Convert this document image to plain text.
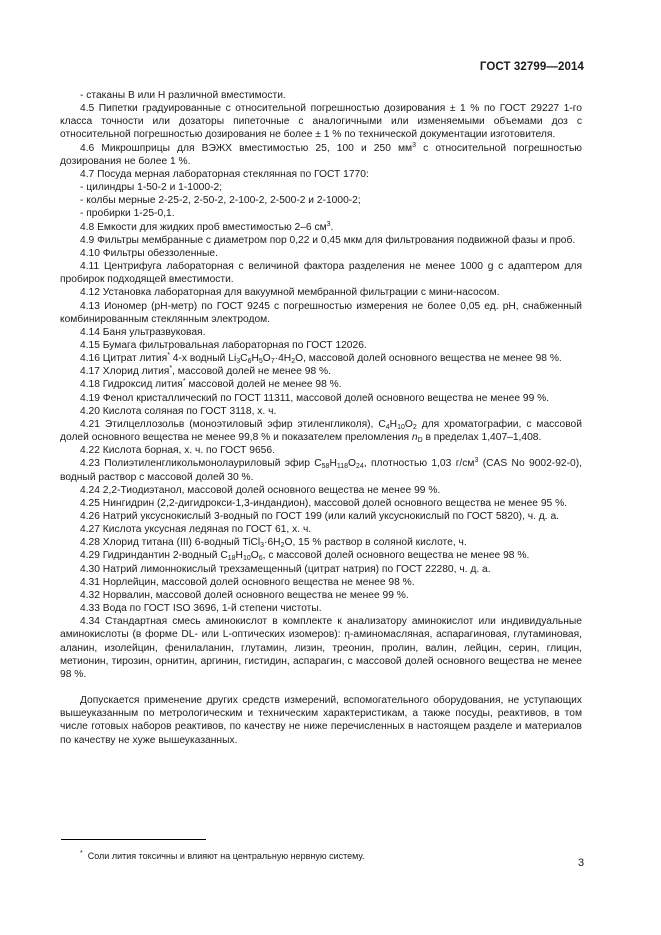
ГОСТ 32799—2014

- стаканы В или Н различной вместимости.

4.5 Пипетки градуированные с относительной погрешностью дозирования ± 1 % по ГОСТ 29227 1-го класса точности или дозаторы пипеточные с аналогичными или изменяемыми объемами доз с относительной погрешностью дозирования не более ± 1 % по технической документации изготовителя.

4.6 Микрошприцы для ВЭЖХ вместимостью 25, 100 и 250 $мм^3$ с относительной погрешностью дозирования не более 1 %.

4.7 Посуда мерная лабораторная стеклянная по ГОСТ 1770:

- цилиндры 1-50-2 и 1-1000-2;

- колбы мерные 2-25-2, 2-50-2, 2-100-2, 2-500-2 и 2-1000-2;

- пробирки 1-25-0,1.

4.8 Емкости для жидких проб вместимостью 2–6 $см^3$.

4.9 Фильтры мембранные с диаметром пор 0,22 и 0,45 мкм для фильтрования подвижной фазы и проб.

4.10 Фильтры обеззоленные.

4.11 Центрифуга лабораторная с величиной фактора разделения не менее 1000 g с адаптером для пробирок подходящей вместимости.

4.12 Установка лабораторная для вакуумной мембранной фильтрации с мини-насосом.

4.13 Иономер (pH-метр) по ГОСТ 9245 с погрешностью измерения не более 0,05 ед. pH, снабженный комбинированным стеклянным электродом.

4.14 Баня ультразвуковая.

4.15 Бумага фильтровальная лабораторная по ГОСТ 12026.

4.16 Цитрат лития* 4-х водный $Li_3C_6H_5O_7\cdot 4H_2O$, массовой долей основного вещества не менее 98 %.

4.17 Хлорид лития*, массовой долей не менее 98 %.

4.18 Гидроксид лития* массовой долей не менее 98 %.

4.19 Фенол кристаллический по ГОСТ 11311, массовой долей основного вещества не менее 99 %.

4.20 Кислота соляная по ГОСТ 3118, х. ч.

4.21 Этилцеллозольв (моноэтиловый эфир этиленгликоля), $C_4H_{10}O_2$ для хроматографии, с массовой долей основного вещества не менее 99,8 % и показателем преломления $n_D$ в пределах 1,407–1,408.

4.22 Кислота борная, х. ч. по ГОСТ 9656.

4.23 Полиэтиленгликольмонолауриловый эфир $C_{58}H_{118}O_{24}$, плотностью 1,03 $г/см^3$ (CAS No 9002-92-0), водный раствор с массовой долей 30 %.

4.24 2,2-Тиодиэтанол, массовой долей основного вещества не менее 99 %.

4.25 Нингидрин (2,2-дигидрокси-1,3-индандион), массовой долей основного вещества не менее 95 %.

4.26 Натрий уксуснокислый 3-водный по ГОСТ 199 (или калий уксуснокислый по ГОСТ 5820), ч. д. а.

4.27 Кислота уксусная ледяная по ГОСТ 61, х. ч.

4.28 Хлорид титана (III) 6-водный $TiCl_3\cdot 6H_2O$, 15 % раствор в соляной кислоте, ч.

4.29 Гидриндантин 2-водный $C_{18}H_{10}O_6$, с массовой долей основного вещества не менее 98 %.

4.30 Натрий лимоннокислый трехзамещенный (цитрат натрия) по ГОСТ 22280, ч. д. а.

4.31 Норлейцин, массовой долей основного вещества не менее 98 %.

4.32 Норвалин, массовой долей основного вещества не менее 99 %.

4.33 Вода по ГОСТ ISO 3696, 1-й степени чистоты.

4.34 Стандартная смесь аминокислот в комплекте к анализатору аминокислот или индивидуальные аминокислоты (в форме DL- или L-оптических изомеров): η-аминомасляная, аспарагиновая, глутаминовая, аланин, изолейцин, фенилаланин, глутамин, лизин, треонин, пролин, валин, лейцин, серин, глицин, метионин, тирозин, орнитин, аргинин, гистидин, аспарагин, с массовой долей основного вещества не менее 98 %.

Допускается применение других средств измерений, вспомогательного оборудования, не уступающих вышеуказанным по метрологическим и техническим характеристикам, а также посуды, реактивов, в том числе готовых наборов реактивов, по качеству не ниже перечисленных в настоящем разделе и материалов по качеству не хуже вышеуказанных.

* Соли лития токсичны и влияют на центральную нервную систему.
3
